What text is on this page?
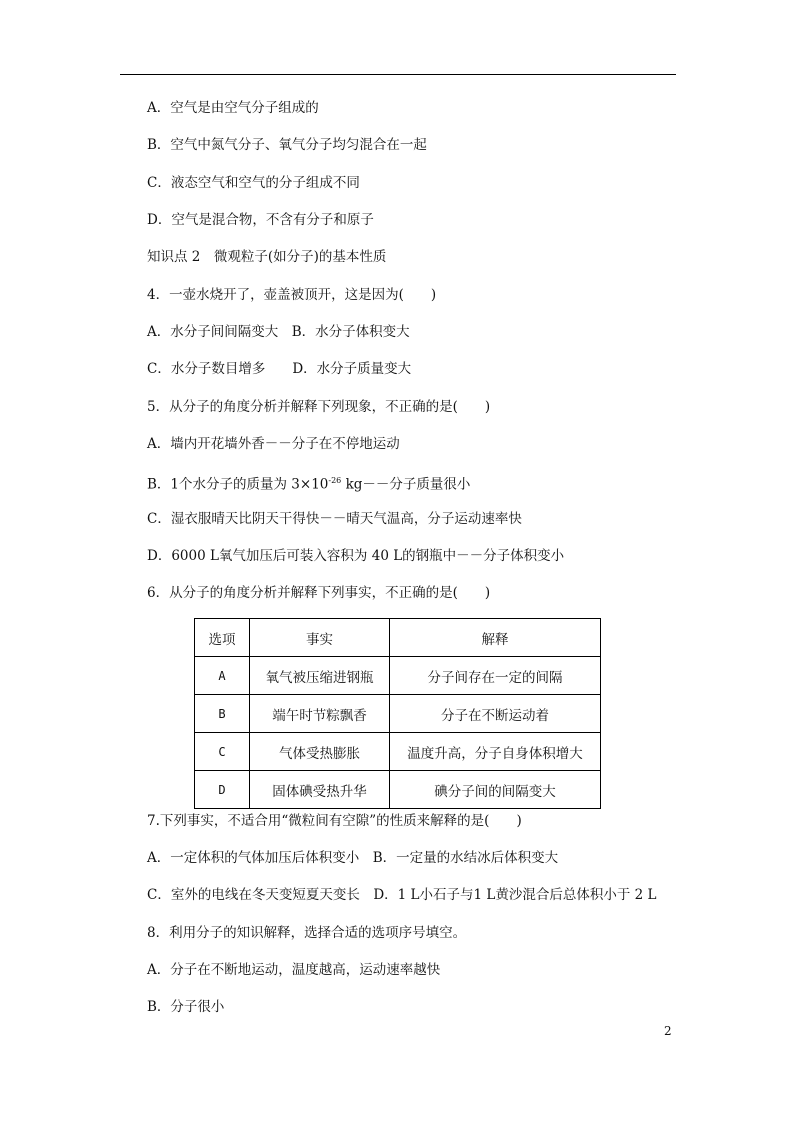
A．空气是由空气分子组成的
B．空气中氮气分子、氧气分子均匀混合在一起
C．液态空气和空气的分子组成不同
D．空气是混合物，不含有分子和原子
知识点 2　微观粒子(如分子)的基本性质
4．一壶水烧开了，壶盖被顶开，这是因为(　　)
A．水分子间间隔变大　B．水分子体积变大
C．水分子数目增多　　D．水分子质量变大
5．从分子的角度分析并解释下列现象，不正确的是(　　)
A．墙内开花墙外香－－分子在不停地运动
B．1个水分子的质量为 $3\times 10^{-26}$ kg－－分子质量很小
C．湿衣服晴天比阴天干得快－－晴天气温高，分子运动速率快
D．6000 L氧气加压后可装入容积为 40 L的钢瓶中－－分子体积变小
6．从分子的角度分析并解释下列事实，不正确的是(　　)
选项	事实	解释
A	氧气被压缩进钢瓶	分子间存在一定的间隔
B	端午时节粽飘香	分子在不断运动着
C	气体受热膨胀	温度升高，分子自身体积增大
D	固体碘受热升华	碘分子间的间隔变大
7.下列事实，不适合用“微粒间有空隙”的性质来解释的是(　　)
A．一定体积的气体加压后体积变小　B．一定量的水结冰后体积变大
C．室外的电线在冬天变短夏天变长　D．1 L小石子与1 L黄沙混合后总体积小于 2 L
8．利用分子的知识解释，选择合适的选项序号填空。
A．分子在不断地运动，温度越高，运动速率越快
B．分子很小
2
